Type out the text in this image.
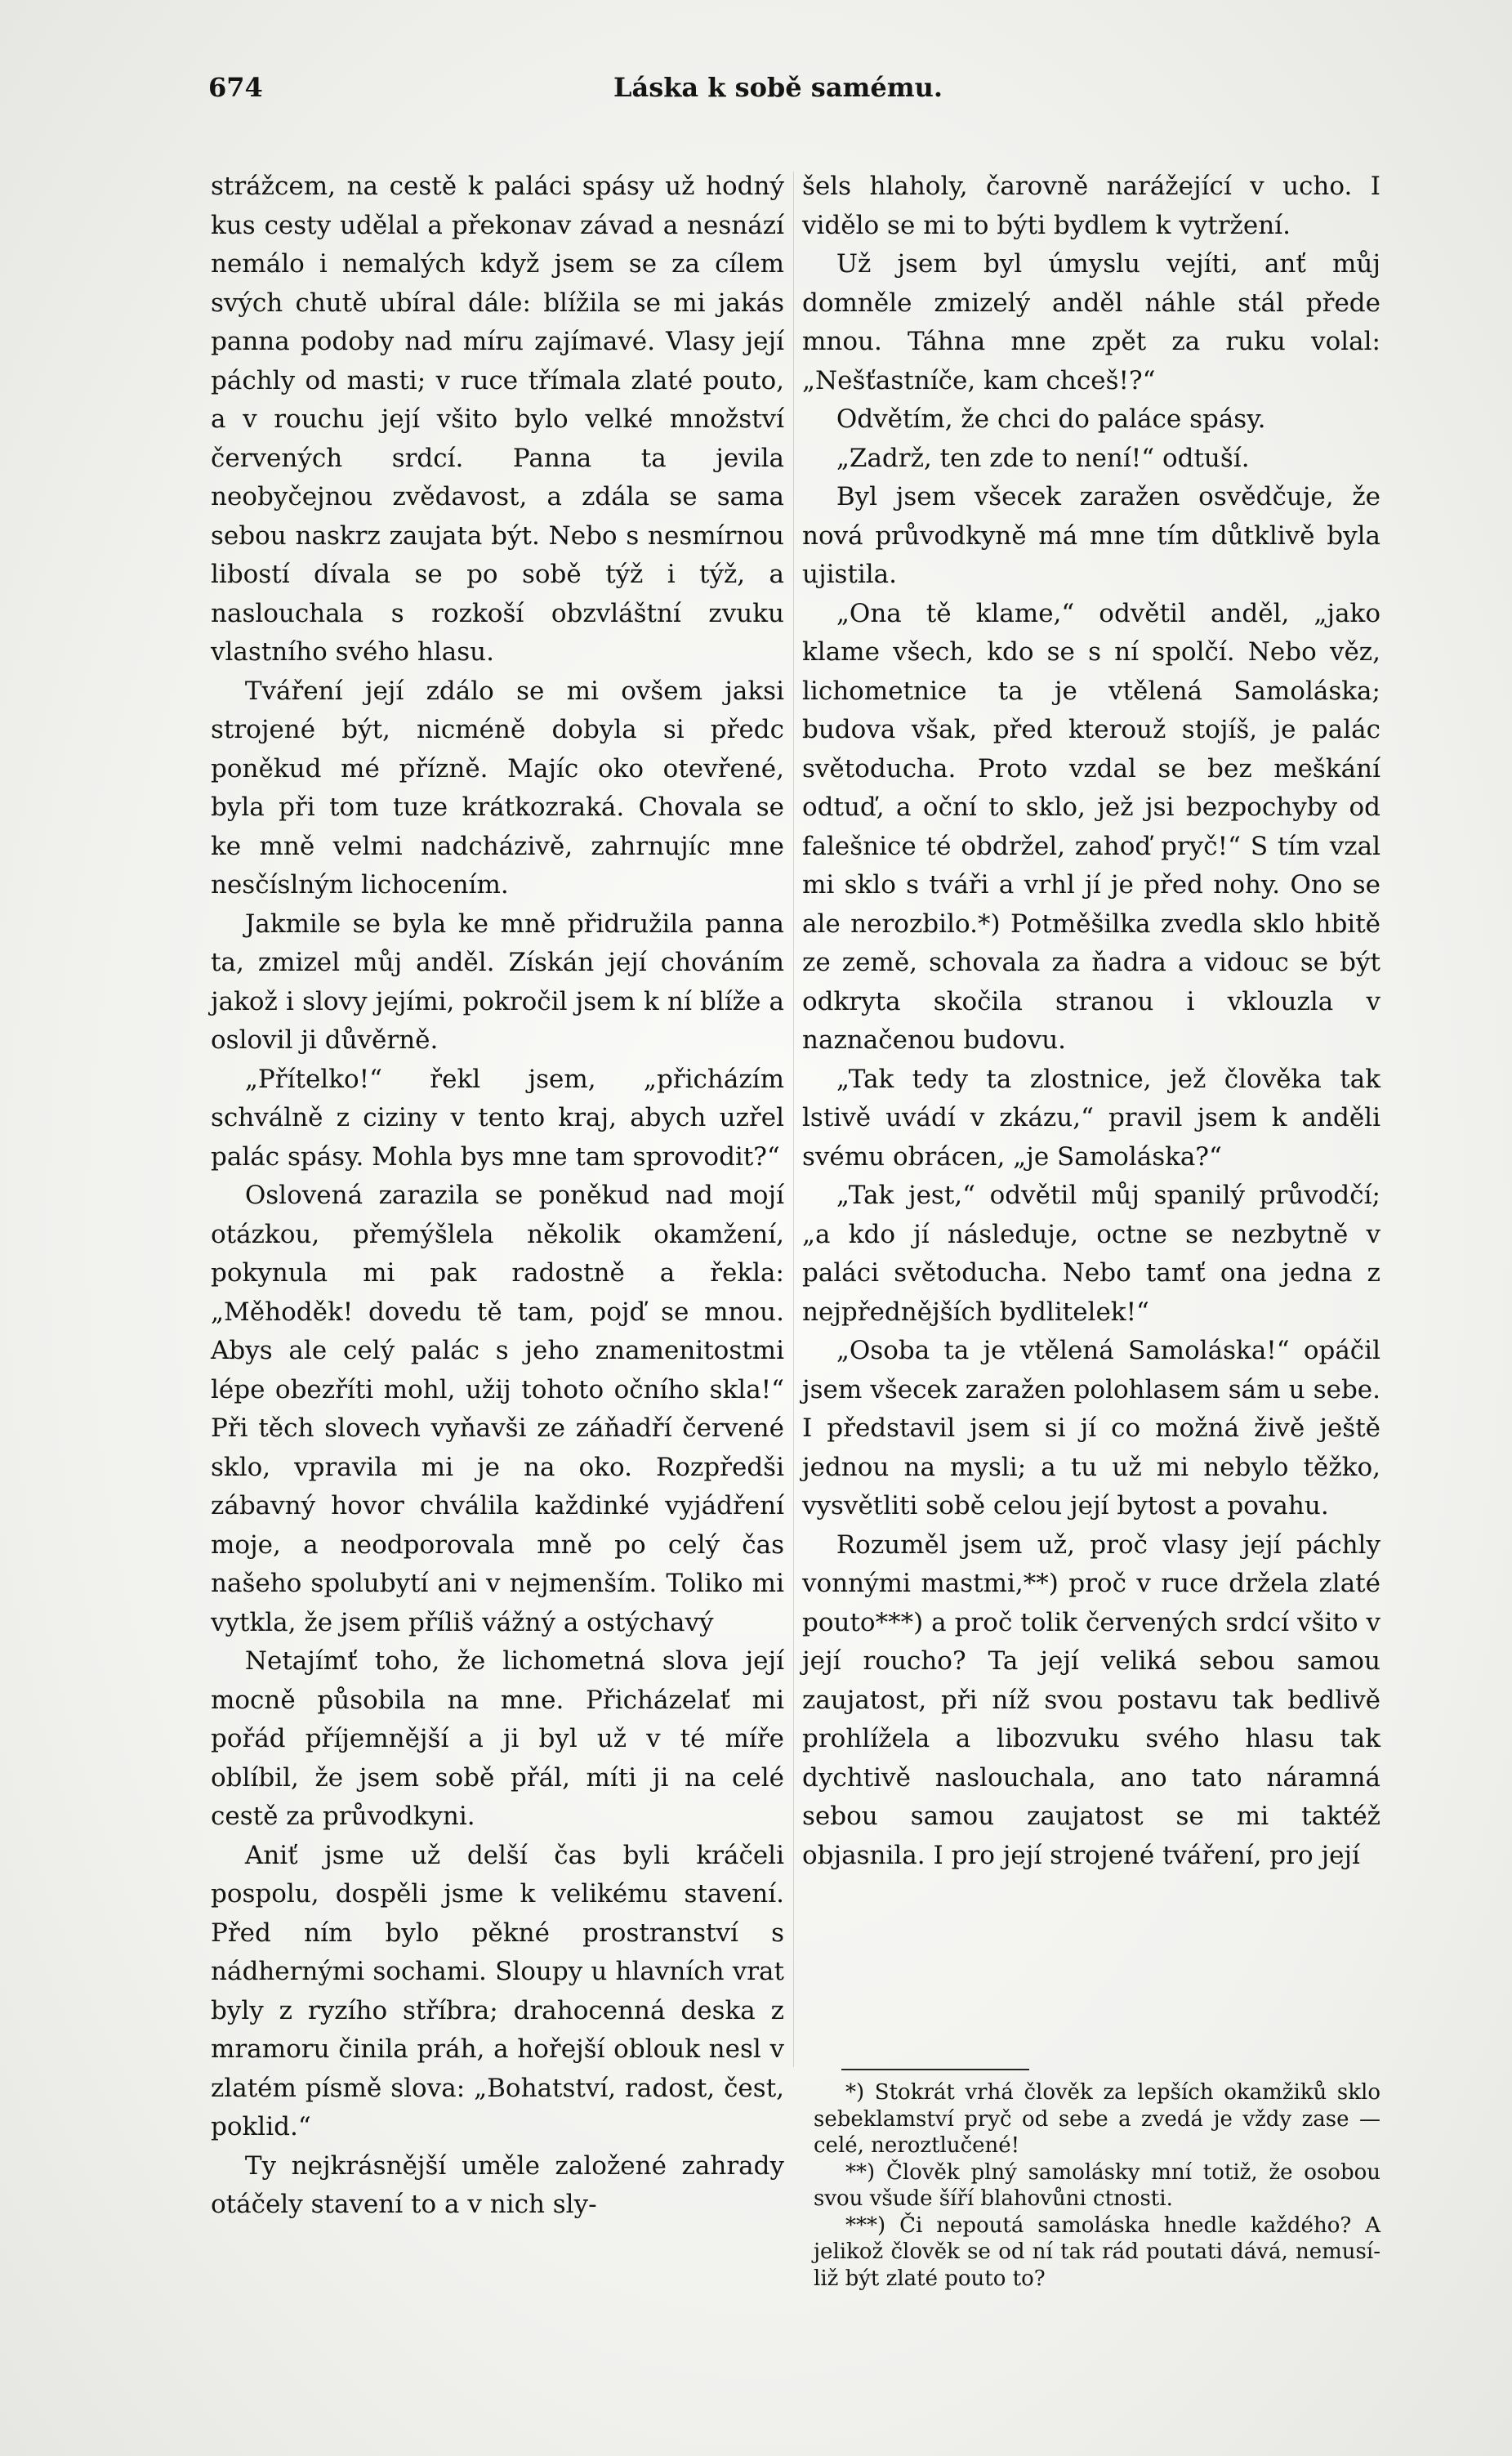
674	Láska k sobě samému.

strážcem, na cestě k paláci spásy už hodný kus cesty udělal a překonav závad a nesnází nemálo i nemalých když jsem se za cílem svých chutě ubíral dále: blížila se mi jakás panna podoby nad míru zajímavé. Vlasy její páchly od masti; v ruce třímala zlaté pouto, a v rouchu její všito bylo velké množství červených srdcí. Panna ta jevila neobyčejnou zvědavost, a zdála se sama sebou naskrz zaujata být. Nebo s nesmírnou libostí dívala se po sobě týž i týž, a naslouchala s rozkoší obzvláštní zvuku vlastního svého hlasu.

Tváření její zdálo se mi ovšem jaksi strojené být, nicméně dobyla si předc poněkud mé přízně. Majíc oko otevřené, byla při tom tuze krátkozraká. Chovala se ke mně velmi nadcházivě, zahrnujíc mne nesčíslným lichocením.

Jakmile se byla ke mně přidružila panna ta, zmizel můj anděl. Získán její chováním jakož i slovy jejími, pokročil jsem k ní blíže a oslovil ji důvěrně.

„Přítelko!“ řekl jsem, „přicházím schválně z ciziny v tento kraj, abych uzřel palác spásy. Mohla bys mne tam sprovodit?“

Oslovená zarazila se poněkud nad mojí otázkou, přemýšlela několik okamžení, pokynula mi pak radostně a řekla: „Měhoděk! dovedu tě tam, pojď se mnou. Abys ale celý palác s jeho znamenitostmi lépe obezříti mohl, užij tohoto očního skla!“ Při těch slovech vyňavši ze záňadří červené sklo, vpravila mi je na oko. Rozpředši zábavný hovor chválila každinké vyjádření moje, a neodporovala mně po celý čas našeho spolubytí ani v nejmenším. Toliko mi vytkla, že jsem příliš vážný a ostýchavý

Netajímť toho, že lichometná slova její mocně působila na mne. Přicházelať mi pořád příjemnější a ji byl už v té míře oblíbil, že jsem sobě přál, míti ji na celé cestě za průvodkyni.

Aniť jsme už delší čas byli kráčeli pospolu, dospěli jsme k velikému stavení. Před ním bylo pěkné prostranství s nádhernými sochami. Sloupy u hlavních vrat byly z ryzího stříbra; drahocenná deska z mramoru činila práh, a hořejší oblouk nesl v zlatém písmě slova: „Bohatství, radost, čest, poklid.“

Ty nejkrásnější uměle založené zahrady otáčely stavení to a v nich sly-

šels hlaholy, čarovně narážející v ucho. I vidělo se mi to býti bydlem k vytržení.

Už jsem byl úmyslu vejíti, anť můj domněle zmizelý anděl náhle stál přede mnou. Táhna mne zpět za ruku volal: „Nešťastníče, kam chceš!?“

Odvětím, že chci do paláce spásy.

„Zadrž, ten zde to není!“ odtuší.

Byl jsem všecek zaražen osvědčuje, že nová průvodkyně má mne tím důtklivě byla ujistila.

„Ona tě klame,“ odvětil anděl, „jako klame všech, kdo se s ní spolčí. Nebo věz, lichometnice ta je vtělená Samoláska; budova však, před kterouž stojíš, je palác světoducha. Proto vzdal se bez meškání odtuď, a oční to sklo, jež jsi bezpochyby od falešnice té obdržel, zahoď pryč!“ S tím vzal mi sklo s tváři a vrhl jí je před nohy. Ono se ale nerozbilo.*) Potměšilka zvedla sklo hbitě ze země, schovala za ňadra a vidouc se být odkryta skočila stranou i vklouzla v naznačenou budovu.

„Tak tedy ta zlostnice, jež člověka tak lstivě uvádí v zkázu,“ pravil jsem k anděli svému obrácen, „je Samoláska?“

„Tak jest,“ odvětil můj spanilý průvodčí; „a kdo jí následuje, octne se nezbytně v paláci světoducha. Nebo tamť ona jedna z nejpřednějších bydlitelek!“

„Osoba ta je vtělená Samoláska!“ opáčil jsem všecek zaražen polohlasem sám u sebe. I představil jsem si jí co možná živě ještě jednou na mysli; a tu už mi nebylo těžko, vysvětliti sobě celou její bytost a povahu.

Rozuměl jsem už, proč vlasy její páchly vonnými mastmi,**) proč v ruce držela zlaté pouto***) a proč tolik červených srdcí všito v její roucho? Ta její veliká sebou samou zaujatost, při níž svou postavu tak bedlivě prohlížela a libozvuku svého hlasu tak dychtivě naslouchala, ano tato náramná sebou samou zaujatost se mi taktéž objasnila. I pro její strojené tváření, pro její

*) Stokrát vrhá člověk za lepších okamžiků sklo sebeklamství pryč od sebe a zvedá je vždy zase — celé, neroztlučené!

**) Člověk plný samolásky mní totiž, že osobou svou všude šíří blahovůni ctnosti.

***) Či nepoutá samoláska hnedle každého? A jelikož člověk se od ní tak rád poutati dává, nemusí-liž být zlaté pouto to?
